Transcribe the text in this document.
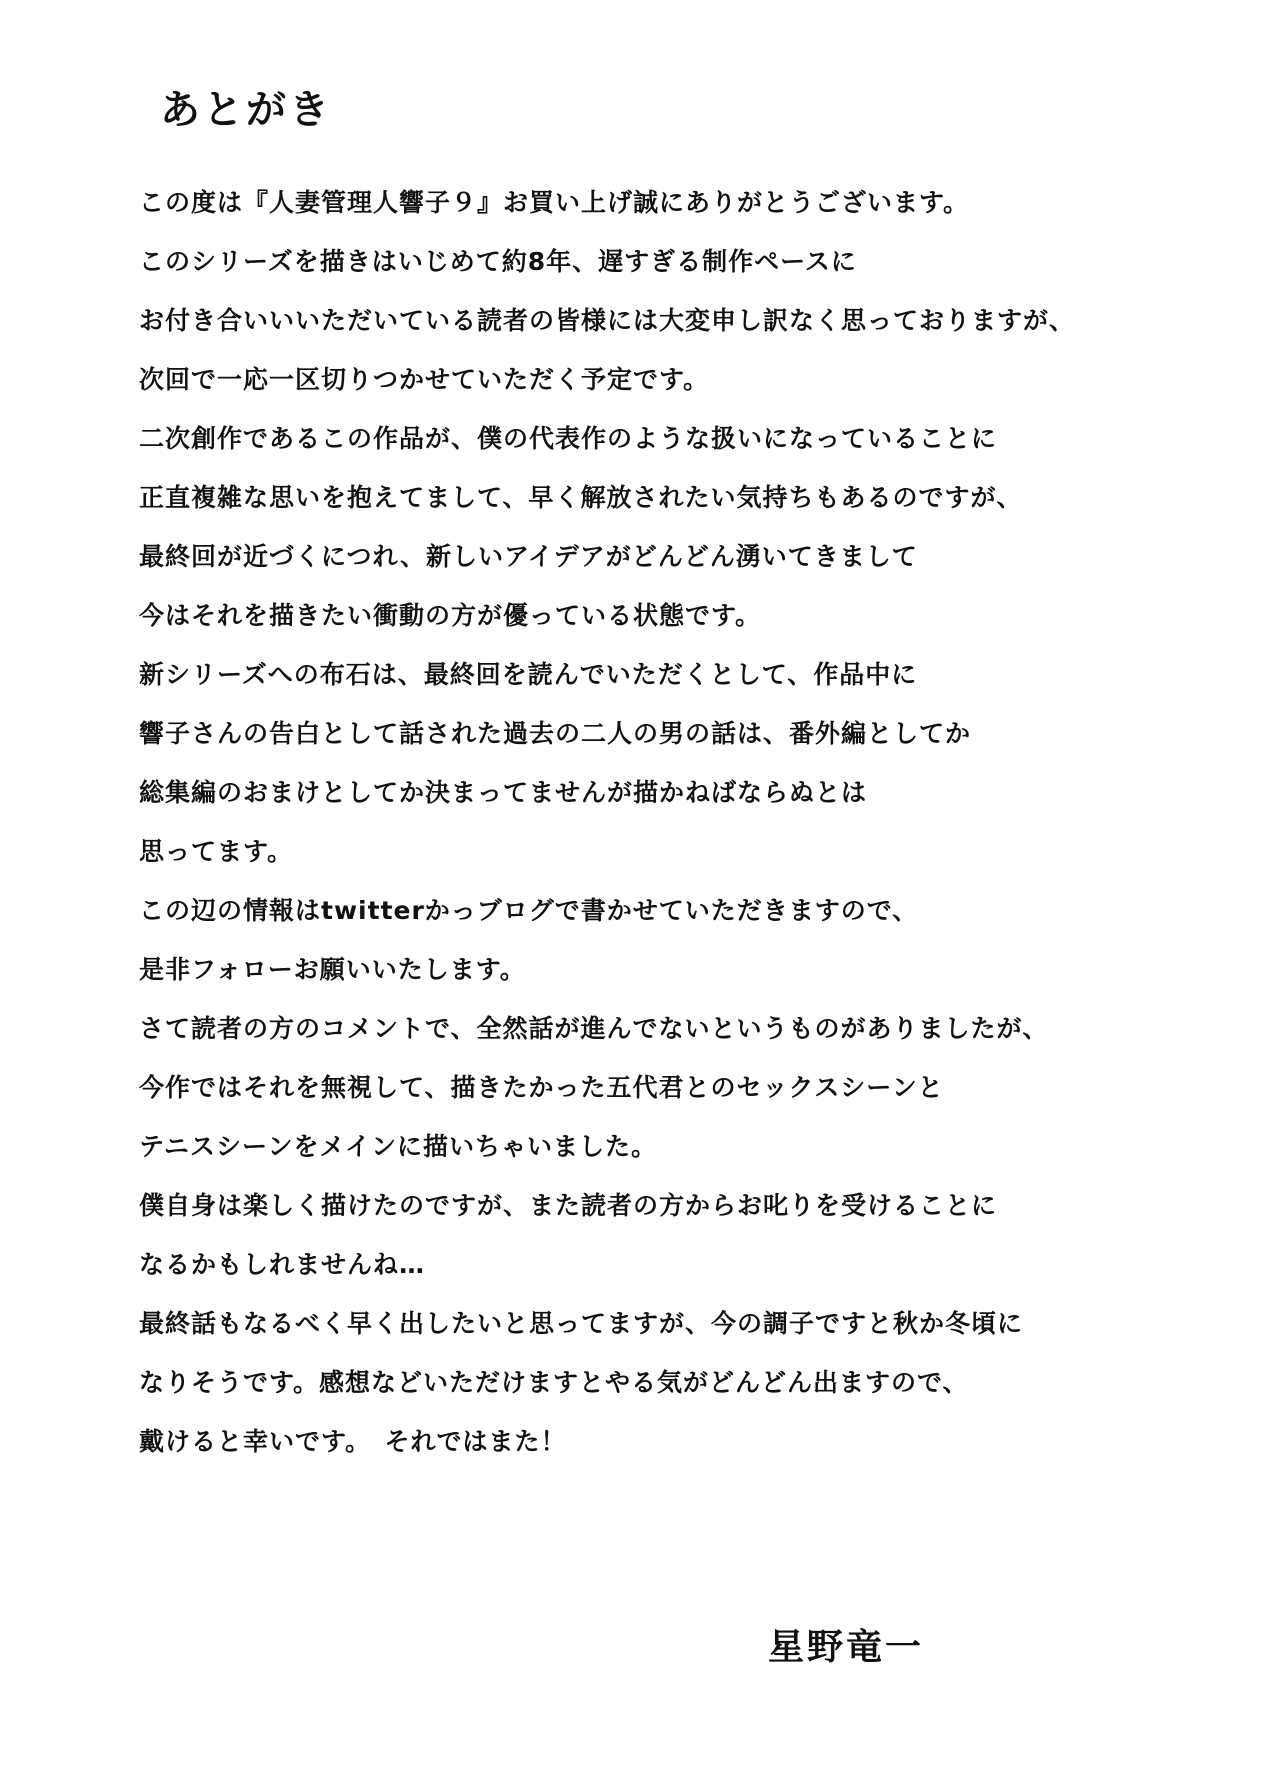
あとがき
この度は『人妻管理人響子９』お買い上げ誠にありがとうございます。
このシリーズを描きはいじめて約8年、遅すぎる制作ペースに
お付き合いいいただいている読者の皆様には大変申し訳なく思っておりますが、
次回で一応一区切りつかせていただく予定です。
二次創作であるこの作品が、僕の代表作のような扱いになっていることに
正直複雑な思いを抱えてまして、早く解放されたい気持ちもあるのですが、
最終回が近づくにつれ、新しいアイデアがどんどん湧いてきまして
今はそれを描きたい衝動の方が優っている状態です。
新シリーズへの布石は、最終回を読んでいただくとして、作品中に
響子さんの告白として話された過去の二人の男の話は、番外編としてか
総集編のおまけとしてか決まってませんが描かねばならぬとは
思ってます。
この辺の情報はtwitterかっブログで書かせていただきますので、
是非フォローお願いいたします。
さて読者の方のコメントで、全然話が進んでないというものがありましたが、
今作ではそれを無視して、描きたかった五代君とのセックスシーンと
テニスシーンをメインに描いちゃいました。
僕自身は楽しく描けたのですが、また読者の方からお叱りを受けることに
なるかもしれませんね…
最終話もなるべく早く出したいと思ってますが、今の調子ですと秋か冬頃に
なりそうです。感想などいただけますとやる気がどんどん出ますので、
戴けると幸いです。　それではまた！
星野竜一
